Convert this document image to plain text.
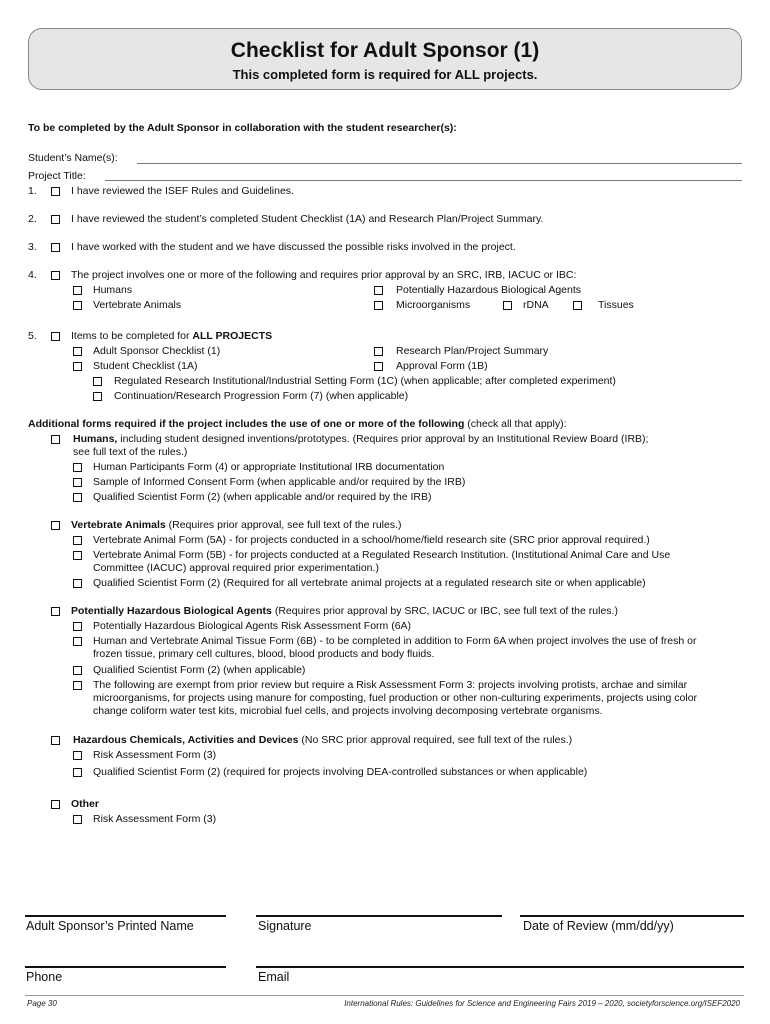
Checklist for Adult Sponsor (1)
This completed form is required for ALL projects.
To be completed by the Adult Sponsor in collaboration with the student researcher(s):
Student’s Name(s):
Project Title:
1.	I have reviewed the ISEF Rules and Guidelines.
2.	I have reviewed the student’s completed Student Checklist (1A) and Research Plan/Project Summary.
3.	I have worked with the student and we have discussed the possible risks involved in the project.
4.	The project involves one or more of the following and requires prior approval by an SRC, IRB, IACUC or IBC:
Humans	Potentially Hazardous Biological Agents
Vertebrate Animals	Microorganisms	rDNA	Tissues
5.	Items to be completed for ALL PROJECTS
Adult Sponsor Checklist (1)	Research Plan/Project Summary
Student Checklist (1A)	Approval Form (1B)
Regulated Research Institutional/Industrial Setting Form (1C) (when applicable; after completed experiment)
Continuation/Research Progression Form (7) (when applicable)
Additional forms required if the project includes the use of one or more of the following (check all that apply):
Humans, including student designed inventions/prototypes. (Requires prior approval by an Institutional Review Board (IRB);
see full text of the rules.)
Human Participants Form (4) or appropriate Institutional IRB documentation
Sample of Informed Consent Form (when applicable and/or required by the IRB)
Qualified Scientist Form (2) (when applicable and/or required by the IRB)
Vertebrate Animals (Requires prior approval, see full text of the rules.)
Vertebrate Animal Form (5A) - for projects conducted in a school/home/field research site (SRC prior approval required.)
Vertebrate Animal Form (5B) - for projects conducted at a Regulated Research Institution. (Institutional Animal Care and Use
Committee (IACUC) approval required prior experimentation.)
Qualified Scientist Form (2) (Required for all vertebrate animal projects at a regulated research site or when applicable)
Potentially Hazardous Biological Agents (Requires prior approval by SRC, IACUC or IBC, see full text of the rules.)
Potentially Hazardous Biological Agents Risk Assessment Form (6A)
Human and Vertebrate Animal Tissue Form (6B) - to be completed in addition to Form 6A when project involves the use of fresh or
frozen tissue, primary cell cultures, blood, blood products and body fluids.
Qualified Scientist Form (2) (when applicable)
The following are exempt from prior review but require a Risk Assessment Form 3: projects involving protists, archae and similar
microorganisms, for projects using manure for composting, fuel production or other non-culturing experiments, projects using color
change coliform water test kits, microbial fuel cells, and projects involving decomposing vertebrate organisms.
Hazardous Chemicals, Activities and Devices (No SRC prior approval required, see full text of the rules.)
Risk Assessment Form (3)
Qualified Scientist Form (2) (required for projects involving DEA-controlled substances or when applicable)
Other
Risk Assessment Form (3)
Adult Sponsor’s Printed Name	Signature	Date of Review (mm/dd/yy)
Phone	Email
Page 30	International Rules: Guidelines for Science and Engineering Fairs 2019 – 2020, societyforscience.org/ISEF2020
